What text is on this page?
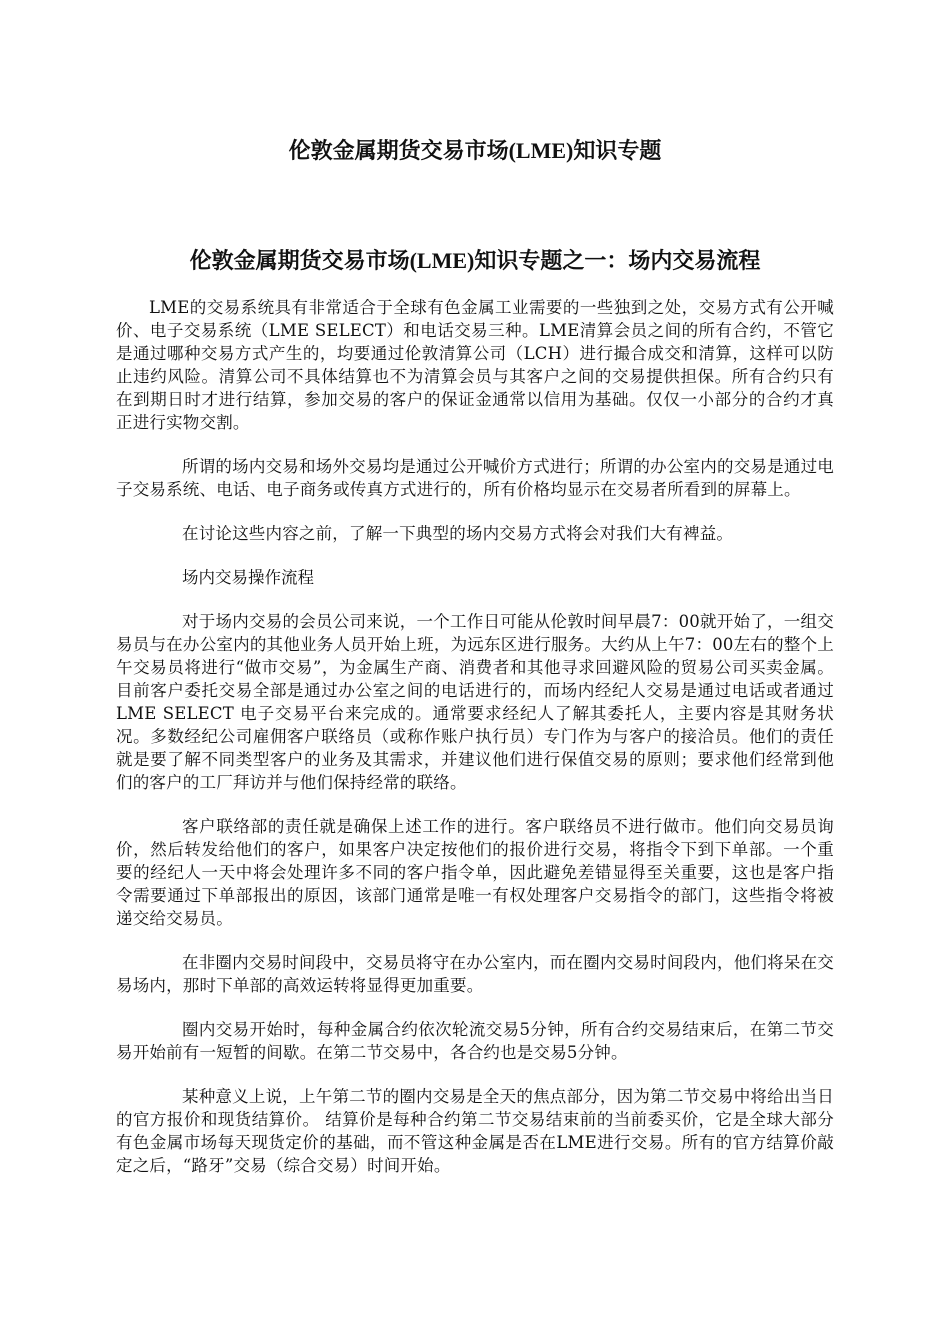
伦敦金属期货交易市场(LME)知识专题
伦敦金属期货交易市场(LME)知识专题之一：场内交易流程

LME的交易系统具有非常适合于全球有色金属工业需要的一些独到之处，交易方式有公开喊价、电子交易系统（LME SELECT）和电话交易三种。LME清算会员之间的所有合约，不管它是通过哪种交易方式产生的，均要通过伦敦清算公司（LCH）进行撮合成交和清算，这样可以防止违约风险。清算公司不具体结算也不为清算会员与其客户之间的交易提供担保。所有合约只有在到期日时才进行结算，参加交易的客户的保证金通常以信用为基础。仅仅一小部分的合约才真正进行实物交割。

所谓的场内交易和场外交易均是通过公开喊价方式进行；所谓的办公室内的交易是通过电子交易系统、电话、电子商务或传真方式进行的，所有价格均显示在交易者所看到的屏幕上。

在讨论这些内容之前，了解一下典型的场内交易方式将会对我们大有裨益。

场内交易操作流程

对于场内交易的会员公司来说，一个工作日可能从伦敦时间早晨7：00就开始了，一组交易员与在办公室内的其他业务人员开始上班，为远东区进行服务。大约从上午7：00左右的整个上午交易员将进行“做市交易”，为金属生产商、消费者和其他寻求回避风险的贸易公司买卖金属。目前客户委托交易全部是通过办公室之间的电话进行的，而场内经纪人交易是通过电话或者通过LME SELECT 电子交易平台来完成的。通常要求经纪人了解其委托人，主要内容是其财务状况。多数经纪公司雇佣客户联络员（或称作账户执行员）专门作为与客户的接洽员。他们的责任就是要了解不同类型客户的业务及其需求，并建议他们进行保值交易的原则；要求他们经常到他们的客户的工厂拜访并与他们保持经常的联络。

客户联络部的责任就是确保上述工作的进行。客户联络员不进行做市。他们向交易员询价，然后转发给他们的客户，如果客户决定按他们的报价进行交易，将指令下到下单部。一个重要的经纪人一天中将会处理许多不同的客户指令单，因此避免差错显得至关重要，这也是客户指令需要通过下单部报出的原因，该部门通常是唯一有权处理客户交易指令的部门，这些指令将被递交给交易员。

在非圈内交易时间段中，交易员将守在办公室内，而在圈内交易时间段内，他们将呆在交易场内，那时下单部的高效运转将显得更加重要。

圈内交易开始时，每种金属合约依次轮流交易5分钟，所有合约交易结束后，在第二节交易开始前有一短暂的间歇。在第二节交易中，各合约也是交易5分钟。

某种意义上说，上午第二节的圈内交易是全天的焦点部分，因为第二节交易中将给出当日的官方报价和现货结算价。 结算价是每种合约第二节交易结束前的当前委买价，它是全球大部分有色金属市场每天现货定价的基础，而不管这种金属是否在LME进行交易。所有的官方结算价敲定之后，“路牙”交易（综合交易）时间开始。
